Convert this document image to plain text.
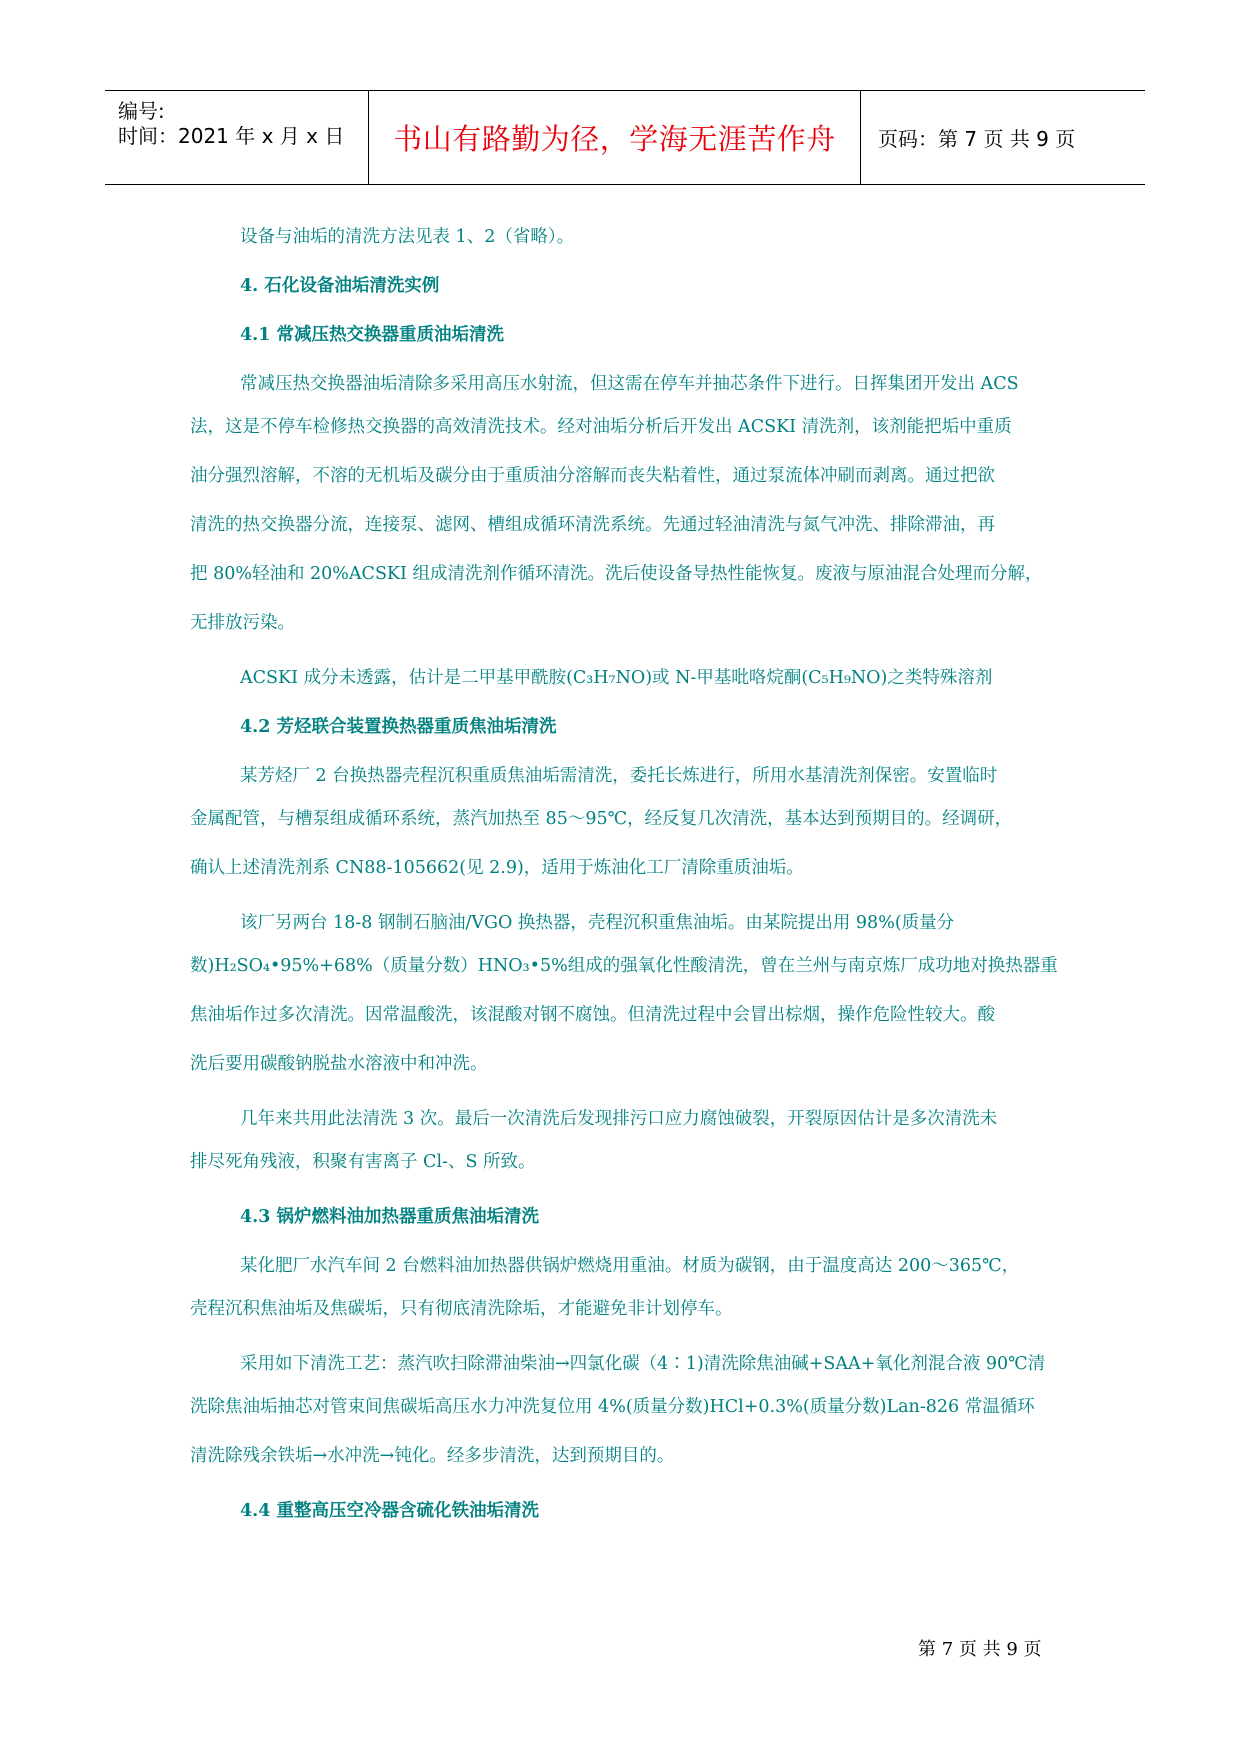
编号:
时间：2021 年 x 月 x 日 书山有路勤为径，学海无涯苦作舟	页码：第 7 页 共 9 页

设备与油垢的清洗方法见表 1、2（省略）。

4. 石化设备油垢清洗实例

4.1 常减压热交换器重质油垢清洗

常减压热交换器油垢清除多采用高压水射流，但这需在停车并抽芯条件下进行。日挥集团开发出 ACS

法，这是不停车检修热交换器的高效清洗技术。经对油垢分析后开发出 ACSKI 清洗剂，该剂能把垢中重质

油分强烈溶解，不溶的无机垢及碳分由于重质油分溶解而丧失粘着性，通过泵流体冲刷而剥离。通过把欲

清洗的热交换器分流，连接泵、滤网、槽组成循环清洗系统。先通过轻油清洗与氮气冲洗、排除滞油，再

把 80%轻油和 20%ACSKI 组成清洗剂作循环清洗。洗后使设备导热性能恢复。废液与原油混合处理而分解，

无排放污染。

ACSKI 成分未透露，估计是二甲基甲酰胺(C₃H₇NO)或 N-甲基吡咯烷酮(C₅H₉NO)之类特殊溶剂

4.2 芳烃联合装置换热器重质焦油垢清洗

某芳烃厂 2 台换热器壳程沉积重质焦油垢需清洗，委托长炼进行，所用水基清洗剂保密。安置临时

金属配管，与槽泵组成循环系统，蒸汽加热至 85～95℃，经反复几次清洗，基本达到预期目的。经调研，

确认上述清洗剂系 CN88-105662(见 2.9)，适用于炼油化工厂清除重质油垢。

该厂另两台 18-8 钢制石脑油/VGO 换热器，壳程沉积重焦油垢。由某院提出用 98%(质量分

数)H₂SO₄•95%+68%（质量分数）HNO₃•5%组成的强氧化性酸清洗，曾在兰州与南京炼厂成功地对换热器重

焦油垢作过多次清洗。因常温酸洗，该混酸对钢不腐蚀。但清洗过程中会冒出棕烟，操作危险性较大。酸

洗后要用碳酸钠脱盐水溶液中和冲洗。

几年来共用此法清洗 3 次。最后一次清洗后发现排污口应力腐蚀破裂，开裂原因估计是多次清洗未

排尽死角残液，积聚有害离子 Cl-、S 所致。

4.3 锅炉燃料油加热器重质焦油垢清洗

某化肥厂水汽车间 2 台燃料油加热器供锅炉燃烧用重油。材质为碳钢，由于温度高达 200～365℃，

壳程沉积焦油垢及焦碳垢，只有彻底清洗除垢，才能避免非计划停车。

采用如下清洗工艺：蒸汽吹扫除滞油柴油→四氯化碳（4∶1)清洗除焦油碱+SAA+氧化剂混合液 90℃清

洗除焦油垢抽芯对管束间焦碳垢高压水力冲洗复位用 4%(质量分数)HCl+0.3%(质量分数)Lan-826 常温循环

清洗除残余铁垢→水冲洗→钝化。经多步清洗，达到预期目的。

4.4 重整高压空冷器含硫化铁油垢清洗

第 7 页 共 9 页
